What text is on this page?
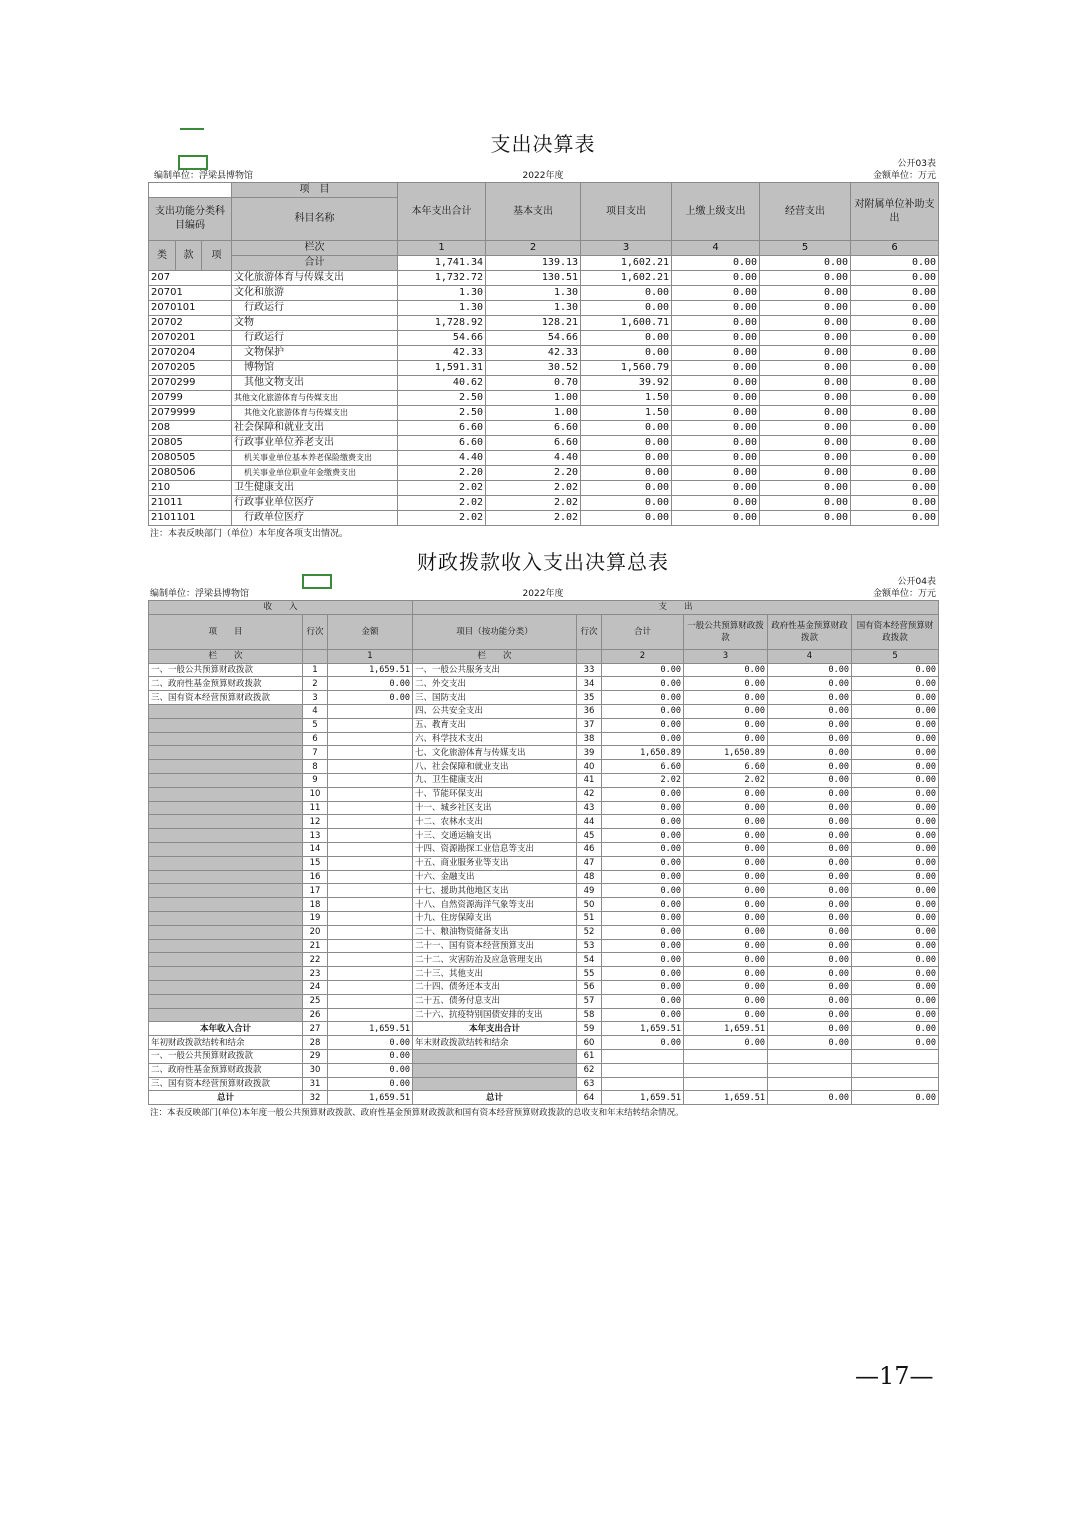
支出决算表
编制单位：浮梁县博物馆	2022年度
公开03表
金额单位：万元
			项　目	本年支出合计	基本支出	项目支出	上缴上级支出	经营支出	对附属单位补助支出
支出功能分类科目编码			科目名称						

类	款	项	栏次	1	2	3	4	5	6
			合计	1,741.34	139.13	1,602.21	0.00	0.00	0.00
207			文化旅游体育与传媒支出	1,732.72	130.51	1,602.21	0.00	0.00	0.00
20701			文化和旅游	1.30	1.30	0.00	0.00	0.00	0.00
2070101			行政运行	1.30	1.30	0.00	0.00	0.00	0.00
20702			文物	1,728.92	128.21	1,600.71	0.00	0.00	0.00
2070201			行政运行	54.66	54.66	0.00	0.00	0.00	0.00
2070204			文物保护	42.33	42.33	0.00	0.00	0.00	0.00
2070205			博物馆	1,591.31	30.52	1,560.79	0.00	0.00	0.00
2070299			其他文物支出	40.62	0.70	39.92	0.00	0.00	0.00
20799			其他文化旅游体育与传媒支出	2.50	1.00	1.50	0.00	0.00	0.00
2079999			其他文化旅游体育与传媒支出	2.50	1.00	1.50	0.00	0.00	0.00
208			社会保障和就业支出	6.60	6.60	0.00	0.00	0.00	0.00
20805			行政事业单位养老支出	6.60	6.60	0.00	0.00	0.00	0.00
2080505			机关事业单位基本养老保险缴费支出	4.40	4.40	0.00	0.00	0.00	0.00
2080506			机关事业单位职业年金缴费支出	2.20	2.20	0.00	0.00	0.00	0.00
210			卫生健康支出	2.02	2.02	0.00	0.00	0.00	0.00
21011			行政事业单位医疗	2.02	2.02	0.00	0.00	0.00	0.00
2101101			行政单位医疗	2.02	2.02	0.00	0.00	0.00	0.00
注：本表反映部门（单位）本年度各项支出情况。
财政拨款收入支出决算总表
编制单位：浮梁县博物馆	2022年度
公开04表
金额单位：万元
收　　入			支　　出					
项　　目	行次	金额	项目（按功能分类）	行次	合计	一般公共预算财政拨款	政府性基金预算财政拨款	国有资本经营预算财政拨款
栏　　次		1	栏　　次		2	3	4	5
一、一般公共预算财政拨款	1	1,659.51	一、一般公共服务支出	33	0.00	0.00	0.00	0.00
二、政府性基金预算财政拨款	2	0.00	二、外交支出	34	0.00	0.00	0.00	0.00
三、国有资本经营预算财政拨款	3	0.00	三、国防支出	35	0.00	0.00	0.00	0.00
	4		四、公共安全支出	36	0.00	0.00	0.00	0.00
	5		五、教育支出	37	0.00	0.00	0.00	0.00
	6		六、科学技术支出	38	0.00	0.00	0.00	0.00
	7		七、文化旅游体育与传媒支出	39	1,650.89	1,650.89	0.00	0.00
	8		八、社会保障和就业支出	40	6.60	6.60	0.00	0.00
	9		九、卫生健康支出	41	2.02	2.02	0.00	0.00
	10		十、节能环保支出	42	0.00	0.00	0.00	0.00
	11		十一、城乡社区支出	43	0.00	0.00	0.00	0.00
	12		十二、农林水支出	44	0.00	0.00	0.00	0.00
	13		十三、交通运输支出	45	0.00	0.00	0.00	0.00
	14		十四、资源勘探工业信息等支出	46	0.00	0.00	0.00	0.00
	15		十五、商业服务业等支出	47	0.00	0.00	0.00	0.00
	16		十六、金融支出	48	0.00	0.00	0.00	0.00
	17		十七、援助其他地区支出	49	0.00	0.00	0.00	0.00
	18		十八、自然资源海洋气象等支出	50	0.00	0.00	0.00	0.00
	19		十九、住房保障支出	51	0.00	0.00	0.00	0.00
	20		二十、粮油物资储备支出	52	0.00	0.00	0.00	0.00
	21		二十一、国有资本经营预算支出	53	0.00	0.00	0.00	0.00
	22		二十二、灾害防治及应急管理支出	54	0.00	0.00	0.00	0.00
	23		二十三、其他支出	55	0.00	0.00	0.00	0.00
	24		二十四、债务还本支出	56	0.00	0.00	0.00	0.00
	25		二十五、债务付息支出	57	0.00	0.00	0.00	0.00
	26		二十六、抗疫特别国债安排的支出	58	0.00	0.00	0.00	0.00
本年收入合计	27	1,659.51	本年支出合计	59	1,659.51	1,659.51	0.00	0.00
年初财政拨款结转和结余	28	0.00	年末财政拨款结转和结余	60	0.00	0.00	0.00	0.00
一、一般公共预算财政拨款	29	0.00		61				
二、政府性基金预算财政拨款	30	0.00		62				
三、国有资本经营预算财政拨款	31	0.00		63				
总计	32	1,659.51	总计	64	1,659.51	1,659.51	0.00	0.00
注：本表反映部门(单位)本年度一般公共预算财政拨款、政府性基金预算财政拨款和国有资本经营预算财政拨款的总收支和年末结转结余情况。
—17—
